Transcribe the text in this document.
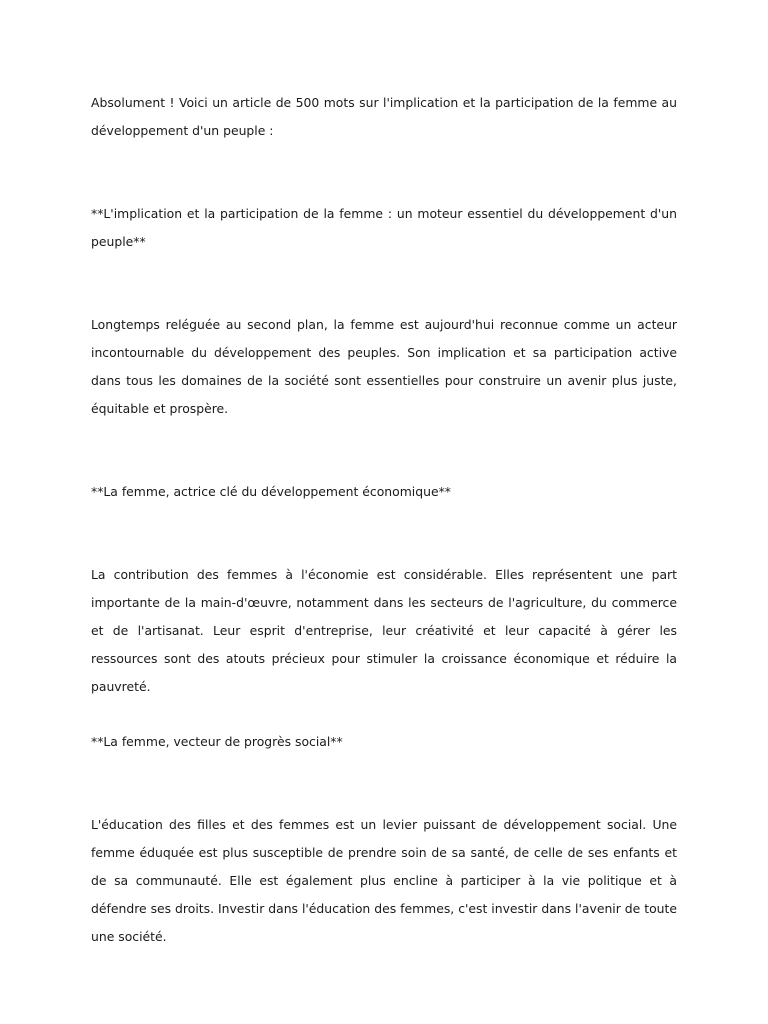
Absolument ! Voici un article de 500 mots sur l'implication et la participation de la femme au développement d'un peuple :

**L'implication et la participation de la femme : un moteur essentiel du développement d'un peuple**

Longtemps reléguée au second plan, la femme est aujourd'hui reconnue comme un acteur incontournable du développement des peuples. Son implication et sa participation active dans tous les domaines de la société sont essentielles pour construire un avenir plus juste, équitable et prospère.

**La femme, actrice clé du développement économique**

La contribution des femmes à l'économie est considérable. Elles représentent une part importante de la main-d'œuvre, notamment dans les secteurs de l'agriculture, du commerce et de l'artisanat. Leur esprit d'entreprise, leur créativité et leur capacité à gérer les ressources sont des atouts précieux pour stimuler la croissance économique et réduire la pauvreté.

**La femme, vecteur de progrès social**

L'éducation des filles et des femmes est un levier puissant de développement social. Une femme éduquée est plus susceptible de prendre soin de sa santé, de celle de ses enfants et de sa communauté. Elle est également plus encline à participer à la vie politique et à défendre ses droits. Investir dans l'éducation des femmes, c'est investir dans l'avenir de toute une société.
